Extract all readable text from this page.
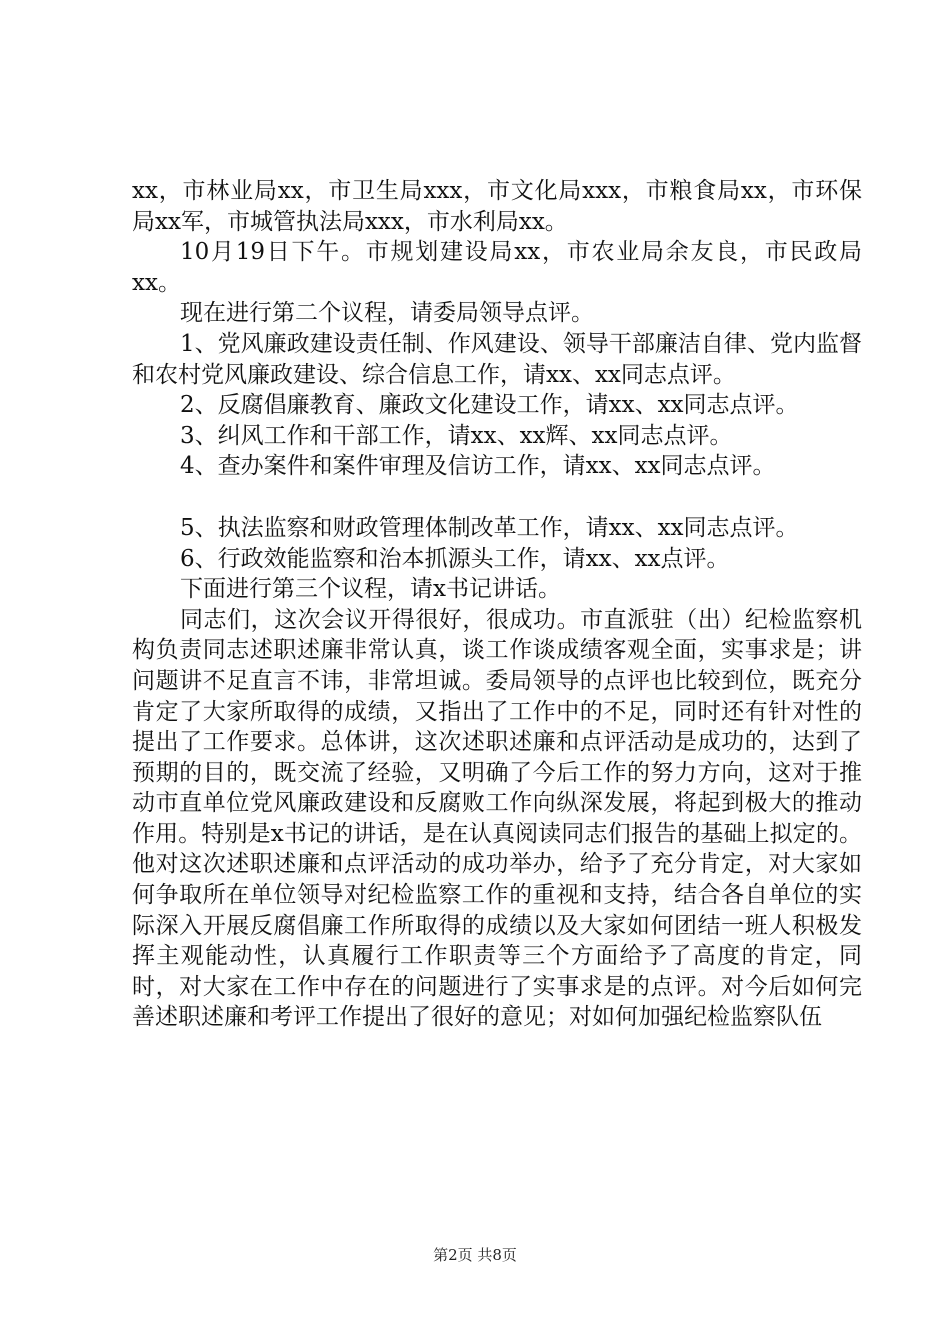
xx，市林业局xx，市卫生局xxx，市文化局xxx，市粮食局xx，市环保局xx军，市城管执法局xxx，市水利局xx。

10月19日下午。市规划建设局xx，市农业局余友良，市民政局xx。

现在进行第二个议程，请委局领导点评。

1、党风廉政建设责任制、作风建设、领导干部廉洁自律、党内监督和农村党风廉政建设、综合信息工作，请xx、xx同志点评。

2、反腐倡廉教育、廉政文化建设工作，请xx、xx同志点评。

3、纠风工作和干部工作，请xx、xx辉、xx同志点评。

4、查办案件和案件审理及信访工作，请xx、xx同志点评。

5、执法监察和财政管理体制改革工作，请xx、xx同志点评。

6、行政效能监察和治本抓源头工作，请xx、xx点评。

下面进行第三个议程，请x书记讲话。

同志们，这次会议开得很好，很成功。市直派驻（出）纪检监察机构负责同志述职述廉非常认真，谈工作谈成绩客观全面，实事求是；讲问题讲不足直言不讳，非常坦诚。委局领导的点评也比较到位，既充分肯定了大家所取得的成绩，又指出了工作中的不足，同时还有针对性的提出了工作要求。总体讲，这次述职述廉和点评活动是成功的，达到了预期的目的，既交流了经验，又明确了今后工作的努力方向，这对于推动市直单位党风廉政建设和反腐败工作向纵深发展，将起到极大的推动作用。特别是x书记的讲话，是在认真阅读同志们报告的基础上拟定的。他对这次述职述廉和点评活动的成功举办，给予了充分肯定，对大家如何争取所在单位领导对纪检监察工作的重视和支持，结合各自单位的实际深入开展反腐倡廉工作所取得的成绩以及大家如何团结一班人积极发挥主观能动性，认真履行工作职责等三个方面给予了高度的肯定，同时，对大家在工作中存在的问题进行了实事求是的点评。对今后如何完善述职述廉和考评工作提出了很好的意见；对如何加强纪检监察队伍

第2页 共8页
